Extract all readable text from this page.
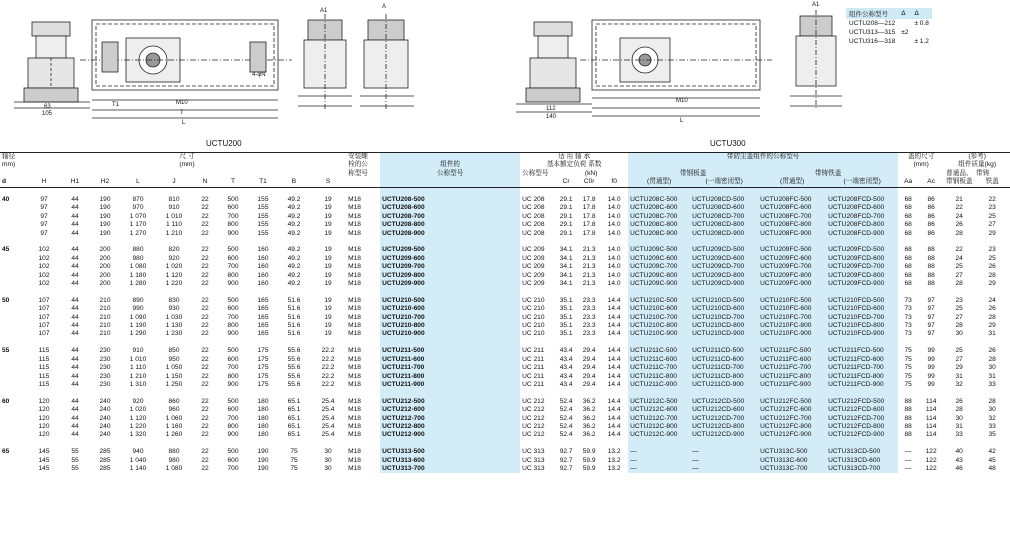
A1
A
4-φN
M10
T1
T
L
63
105
M10
112
140
A1
L
UCTU200	UCTU300
组件公称型号	Δ	Δ
UCTU208—212		± 0.8
UCTU313—315	±2	
UCTU316—318		± 1.2
轴径	尺 寸										安装螺		适 用 轴 承				带防尘盖组件的公称型号				盖的尺寸		(参考)	
mm)	(mm)										栓的公	组件的	基本额定负荷 系数								(mm)		组件质量(kg)	
											称型号	公称型号	公称型号	(kN)			带钢板盖		带铸铁盖				普通品、	带铸
d	H	H1	H2	L	J	N	T	T1	B	S				Cr	C0r	f0	(贯通型)	(一端密闭型)	(贯通型)	(一端密闭型)	Aa	Ac	带钢板盖	铁盖

40	97	44	190	870	810	22	500	155	49.2	19	M18	UCTU208-500	UC 208	29.1	17.8	14.0	UCTU208C-500	UCTU208CD-500	UCTU208FC-500	UCTU208FCD-500	68	86	21	22
	97	44	190	970	910	22	600	155	49.2	19	M18	UCTU208-600	UC 208	29.1	17.8	14.0	UCTU208C-600	UCTU208CD-600	UCTU208FC-600	UCTU208FCD-600	68	86	22	23
	97	44	190	1 070	1 010	22	700	155	49.2	19	M18	UCTU208-700	UC 208	29.1	17.8	14.0	UCTU208C-700	UCTU208CD-700	UCTU208FC-700	UCTU208FCD-700	68	86	24	25
	97	44	190	1 170	1 110	22	800	155	49.2	19	M18	UCTU208-800	UC 208	29.1	17.8	14.0	UCTU208C-800	UCTU208CD-800	UCTU208FC-800	UCTU208FCD-800	68	86	26	27
	97	44	190	1 270	1 210	22	900	155	49.2	19	M18	UCTU208-900	UC 208	29.1	17.8	14.0	UCTU208C-900	UCTU208CD-900	UCTU208FC-900	UCTU208FCD-900	68	86	28	29

45	102	44	200	880	820	22	500	160	49.2	19	M18	UCTU209-500	UC 209	34.1	21.3	14.0	UCTU209C-500	UCTU209CD-500	UCTU209FC-500	UCTU209FCD-500	68	88	22	23
	102	44	200	980	920	22	600	160	49.2	19	M18	UCTU209-600	UC 209	34.1	21.3	14.0	UCTU209C-600	UCTU209CD-600	UCTU209FC-600	UCTU209FCD-600	68	88	24	25
	102	44	200	1 080	1 020	22	700	160	49.2	19	M18	UCTU209-700	UC 209	34.1	21.3	14.0	UCTU209C-700	UCTU209CD-700	UCTU209FC-700	UCTU209FCD-700	68	88	25	26
	102	44	200	1 180	1 120	22	800	160	49.2	19	M18	UCTU209-800	UC 209	34.1	21.3	14.0	UCTU209C-800	UCTU209CD-800	UCTU209FC-800	UCTU209FCD-800	68	88	27	28
	102	44	200	1 280	1 220	22	900	160	49.2	19	M18	UCTU209-900	UC 209	34.1	21.3	14.0	UCTU209C-900	UCTU209CD-900	UCTU209FC-900	UCTU209FCD-900	68	88	28	29

50	107	44	210	890	830	22	500	165	51.6	19	M18	UCTU210-500	UC 210	35.1	23.3	14.4	UCTU210C-500	UCTU210CD-500	UCTU210FC-500	UCTU210FCD-500	73	97	23	24
	107	44	210	990	930	22	600	165	51.6	19	M18	UCTU210-600	UC 210	35.1	23.3	14.4	UCTU210C-600	UCTU210CD-600	UCTU210FC-600	UCTU210FCD-600	73	97	25	26
	107	44	210	1 090	1 030	22	700	165	51.6	19	M18	UCTU210-700	UC 210	35.1	23.3	14.4	UCTU210C-700	UCTU210CD-700	UCTU210FC-700	UCTU210FCD-700	73	97	27	28
	107	44	210	1 190	1 130	22	800	165	51.6	19	M18	UCTU210-800	UC 210	35.1	23.3	14.4	UCTU210C-800	UCTU210CD-800	UCTU210FC-800	UCTU210FCD-800	73	97	28	29
	107	44	210	1 290	1 230	22	900	165	51.6	19	M18	UCTU210-900	UC 210	35.1	23.3	14.4	UCTU210C-900	UCTU210CD-900	UCTU210FC-900	UCTU210FCD-900	73	97	30	31

55	115	44	230	910	850	22	500	175	55.6	22.2	M18	UCTU211-500	UC 211	43.4	29.4	14.4	UCTU211C-500	UCTU211CD-500	UCTU211FC-500	UCTU211FCD-500	75	99	25	26
	115	44	230	1 010	950	22	600	175	55.6	22.2	M18	UCTU211-600	UC 211	43.4	29.4	14.4	UCTU211C-600	UCTU211CD-600	UCTU211FC-600	UCTU211FCD-600	75	99	27	28
	115	44	230	1 110	1 050	22	700	175	55.6	22.2	M18	UCTU211-700	UC 211	43.4	29.4	14.4	UCTU211C-700	UCTU211CD-700	UCTU211FC-700	UCTU211FCD-700	75	99	29	30
	115	44	230	1 210	1 150	22	800	175	55.6	22.2	M18	UCTU211-800	UC 211	43.4	29.4	14.4	UCTU211C-800	UCTU211CD-800	UCTU211FC-800	UCTU211FCD-800	75	99	31	31
	115	44	230	1 310	1 250	22	900	175	55.6	22.2	M18	UCTU211-900	UC 211	43.4	29.4	14.4	UCTU211C-900	UCTU211CD-900	UCTU211FC-900	UCTU211FCD-900	75	99	32	33

60	120	44	240	920	860	22	500	180	65.1	25.4	M18	UCTU212-500	UC 212	52.4	36.2	14.4	UCTU212C-500	UCTU212CD-500	UCTU212FC-500	UCTU212FCD-500	88	114	26	28
	120	44	240	1 020	960	22	600	180	65.1	25.4	M18	UCTU212-600	UC 212	52.4	36.2	14.4	UCTU212C-600	UCTU212CD-600	UCTU212FC-600	UCTU212FCD-600	88	114	28	30
	120	44	240	1 120	1 060	22	700	180	65.1	25.4	M18	UCTU212-700	UC 212	52.4	36.2	14.4	UCTU212C-700	UCTU212CD-700	UCTU212FC-700	UCTU212FCD-700	88	114	30	32
	120	44	240	1 220	1 160	22	800	180	65.1	25.4	M18	UCTU212-800	UC 212	52.4	36.2	14.4	UCTU212C-800	UCTU212CD-800	UCTU212FC-800	UCTU212FCD-800	88	114	31	33
	120	44	240	1 320	1 260	22	900	180	65.1	25.4	M18	UCTU212-900	UC 212	52.4	36.2	14.4	UCTU212C-900	UCTU212CD-900	UCTU212FC-900	UCTU212FCD-900	88	114	33	35

65	145	55	285	940	880	22	500	190	75	30	M18	UCTU313-500	UC 313	92.7	59.9	13.2	—	—	UCTU313C-500	UCTU313CD-500	—	122	40	42
	145	55	285	1 040	980	22	600	190	75	30	M18	UCTU313-600	UC 313	92.7	59.9	13.2	—	—	UCTU313C-600	UCTU313CD-600	—	122	43	45
	145	55	285	1 140	1 080	22	700	190	75	30	M18	UCTU313-700	UC 313	92.7	59.9	13.2	—	—	UCTU313C-700	UCTU313CD-700	—	122	46	48
